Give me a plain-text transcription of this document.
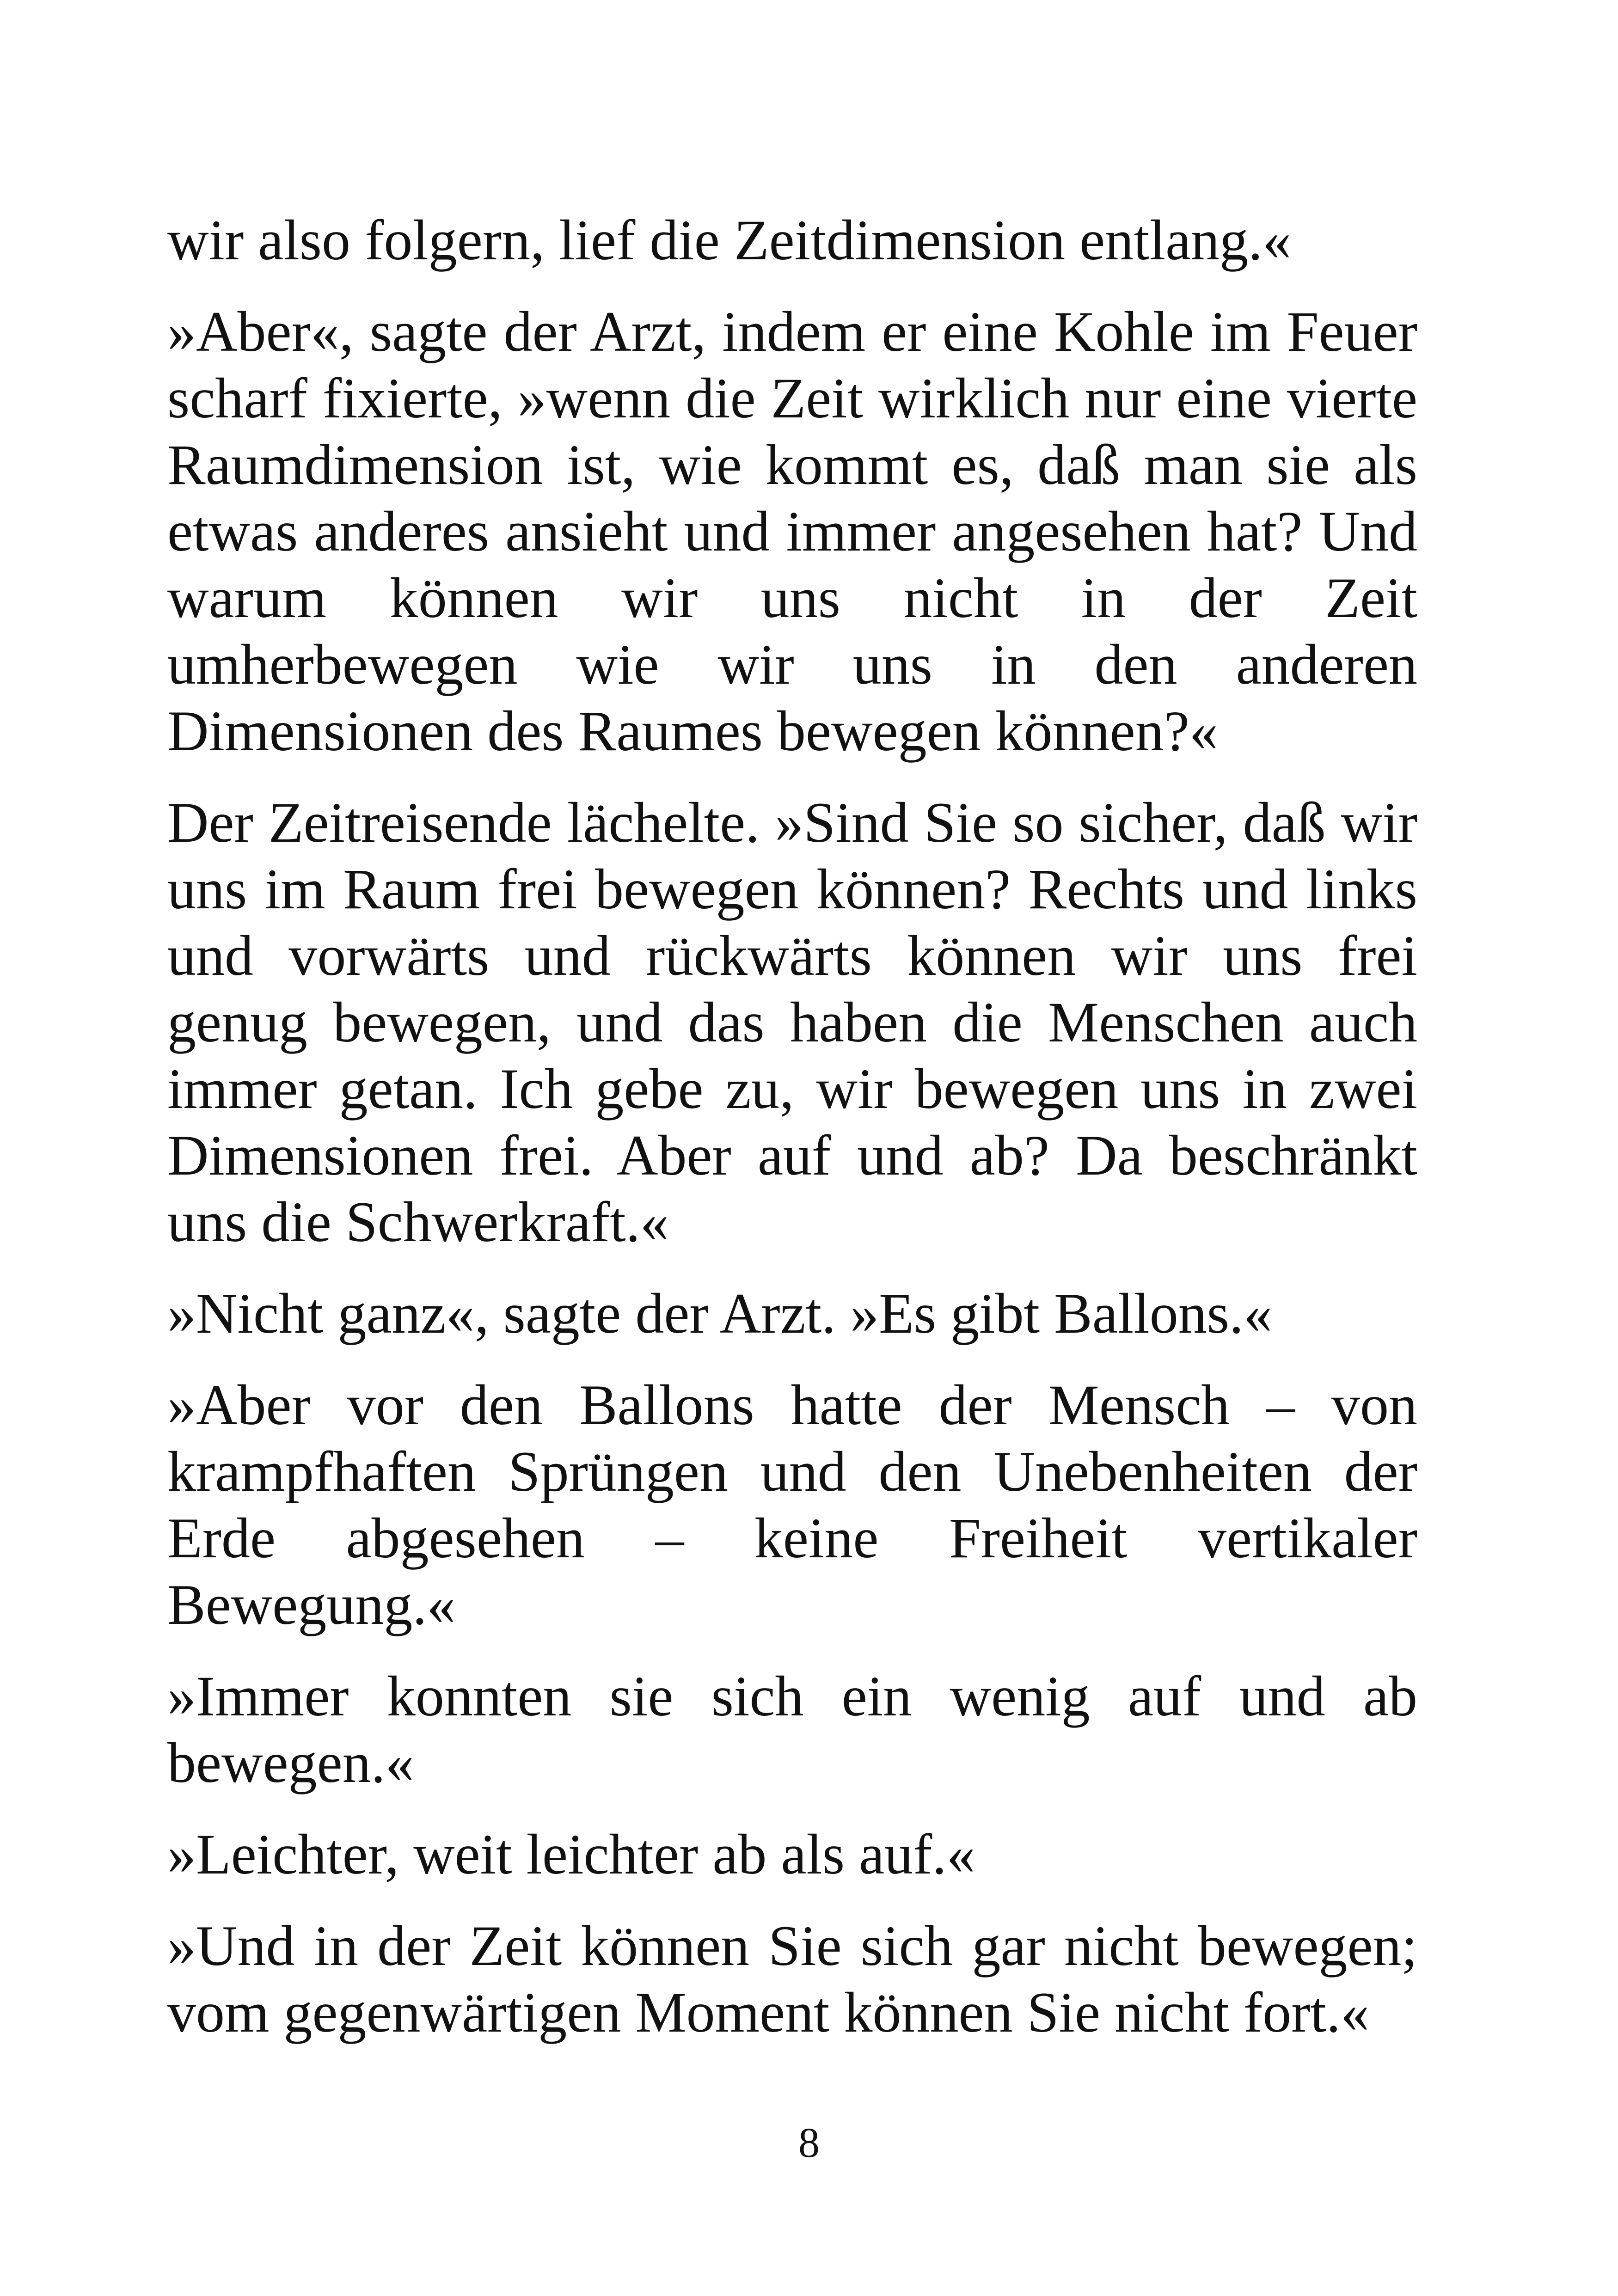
wir also folgern, lief die Zeitdimension entlang.«

»Aber«, sagte der Arzt, indem er eine Kohle im Feuer scharf fixierte, »wenn die Zeit wirklich nur eine vierte Raumdimension ist, wie kommt es, daß man sie als etwas anderes ansieht und immer angesehen hat? Und warum können wir uns nicht in der Zeit umherbewegen wie wir uns in den anderen Dimensionen des Raumes bewegen können?«

Der Zeitreisende lächelte. »Sind Sie so sicher, daß wir uns im Raum frei bewegen können? Rechts und links und vorwärts und rückwärts können wir uns frei genug bewegen, und das haben die Menschen auch immer getan. Ich gebe zu, wir bewegen uns in zwei Dimensionen frei. Aber auf und ab? Da beschränkt uns die Schwerkraft.«

»Nicht ganz«, sagte der Arzt. »Es gibt Ballons.«

»Aber vor den Ballons hatte der Mensch – von krampfhaften Sprüngen und den Unebenheiten der Erde abgesehen – keine Freiheit vertikaler Bewegung.«

»Immer konnten sie sich ein wenig auf und ab bewegen.«

»Leichter, weit leichter ab als auf.«

»Und in der Zeit können Sie sich gar nicht bewegen; vom gegenwärtigen Moment können Sie nicht fort.«

8
